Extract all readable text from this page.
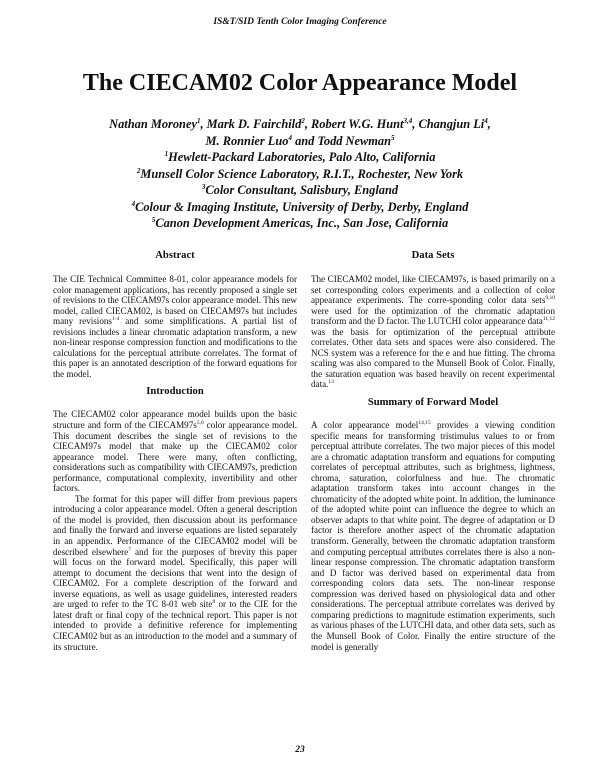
IS&T/SID Tenth Color Imaging Conference
The CIECAM02 Color Appearance Model
Nathan Moroney$^1$, Mark D. Fairchild$^2$, Robert W.G. Hunt$^{3,4}$, Changjun Li$^4$,
M. Ronnier Luo$^4$ and Todd Newman$^5$
$^1$Hewlett-Packard Laboratories, Palo Alto, California
$^2$Munsell Color Science Laboratory, R.I.T., Rochester, New York
$^3$Color Consultant, Salisbury, England
$^4$Colour & Imaging Institute, University of Derby, Derby, England
$^5$Canon Development Americas, Inc., San Jose, California
Abstract

The CIE Technical Committee 8-01, color appearance models for color management applications, has recently proposed a single set of revisions to the CIECAM97s color appearance model. This new model, called CIECAM02, is based on CIECAM97s but includes many revisions$^{1-4}$ and some simplifications. A partial list of revisions includes a linear chromatic adaptation transform, a new non-linear response compression function and modifications to the calculations for the perceptual attribute correlates. The format of this paper is an annotated description of the forward equations for the model.

Introduction

The CIECAM02 color appearance model builds upon the basic structure and form of the $CIECAM97s^{5,6}$ color appearance model. This document describes the single set of revisions to the CIECAM97s model that make up the CIECAM02 color appearance model. There were many, often conflicting, considerations such as compatibility with CIECAM97s, prediction performance, computational complexity, invertibility and other factors.

The format for this paper will differ from previous papers introducing a color appearance model. Often a general description of the model is provided, then discussion about its performance and finally the forward and inverse equations are listed separately in an appendix. Performance of the CIECAM02 model will be described elsewhere$^7$ and for the purposes of brevity this paper will focus on the forward model. Specifically, this paper will attempt to document the decisions that went into the design of CIECAM02. For a complete description of the forward and inverse equations, as well as usage guidelines, interested readers are urged to refer to the TC 8-01 web site$^8$ or to the CIE for the latest draft or final copy of the technical report. This paper is not intended to provide a definitive reference for implementing CIECAM02 but as an introduction to the model and a summary of its structure.

Data Sets

The CIECAM02 model, like CIECAM97s, is based primarily on a set corresponding colors experiments and a collection of color appearance experiments. The corre-sponding color data sets$^{9,10}$ were used for the optimization of the chromatic adaptation transform and the D factor. The LUTCHI color appearance data$^{11,12}$ was the basis for optimization of the perceptual attribute correlates. Other data sets and spaces were also considered. The NCS system was a reference for the e and hue fitting. The chroma scaling was also compared to the Munsell Book of Color. Finally, the saturation equation was based heavily on recent experimental data.$^{13}$

Summary of Forward Model

A color appearance model$^{14,15}$ provides a viewing condition specific means for transforming tristimulus values to or from perceptual attribute correlates. The two major pieces of this model are a chromatic adaptation transform and equations for computing correlates of perceptual attributes, such as brightness, lightness, chroma, saturation, colorfulness and hue. The chromatic adaptation transform takes into account changes in the chromaticity of the adopted white point. In addition, the luminance of the adopted white point can influence the degree to which an observer adapts to that white point. The degree of adaptation or D factor is therefore another aspect of the chromatic adaptation transform. Generally, between the chromatic adaptation transform and computing perceptual attributes correlates there is also a non-linear response compression. The chromatic adaptation transform and D factor was derived based on experimental data from corresponding colors data sets. The non-linear response compression was derived based on physiological data and other considerations. The perceptual attribute correlates was derived by comparing predictions to magnitude estimation experiments, such as various phases of the LUTCHI data, and other data sets, such as the Munsell Book of Color. Finally the entire structure of the model is generally

23
